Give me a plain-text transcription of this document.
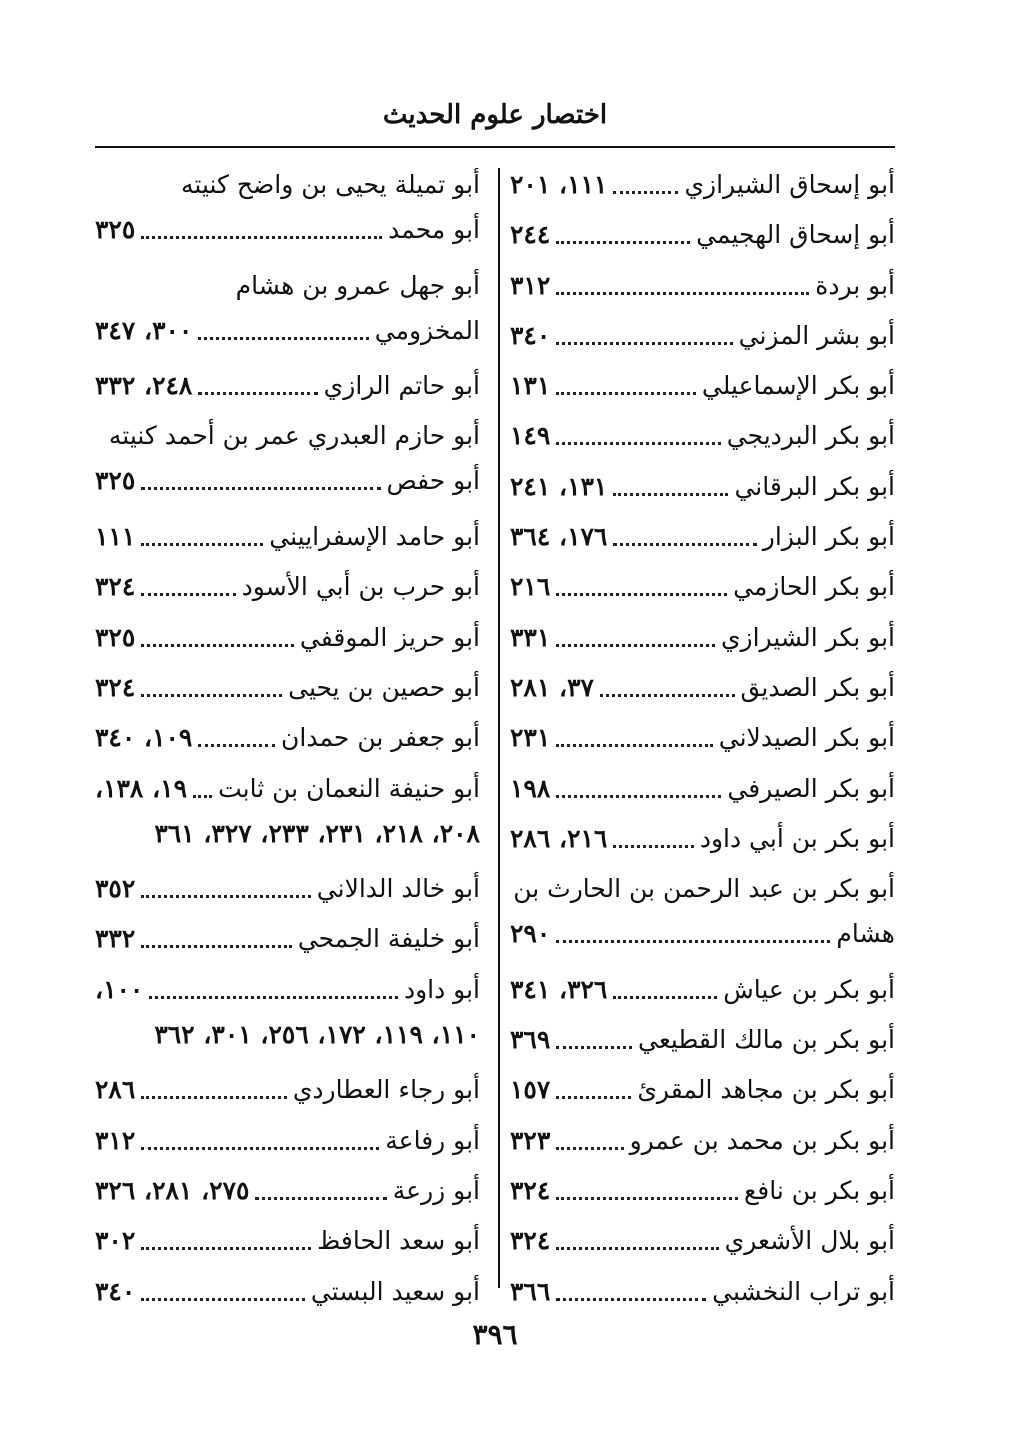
اختصار علوم الحديث
أبو إسحاق الشيرازي
١١١، ٢٠١
أبو إسحاق الهجيمي
٢٤٤
أبو بردة
٣١٢
أبو بشر المزني
٣٤٠
أبو بكر الإسماعيلي
١٣١
أبو بكر البرديجي
١٤٩
أبو بكر البرقاني
١٣١، ٢٤١
أبو بكر البزار
١٧٦، ٣٦٤
أبو بكر الحازمي
٢١٦
أبو بكر الشيرازي
٣٣١
أبو بكر الصديق
٣٧، ٢٨١
أبو بكر الصيدلاني
٢٣١
أبو بكر الصيرفي
١٩٨
أبو بكر بن أبي داود
٢١٦، ٢٨٦
أبو بكر بن عبد الرحمن بن الحارث بن
هشام
٢٩٠
أبو بكر بن عياش
٣٢٦، ٣٤١
أبو بكر بن مالك القطيعي
٣٦٩
أبو بكر بن مجاهد المقرئ
١٥٧
أبو بكر بن محمد بن عمرو
٣٢٣
أبو بكر بن نافع
٣٢٤
أبو بلال الأشعري
٣٢٤
أبو تراب النخشبي
٣٦٦
أبو تميلة يحيى بن واضح كنيته
أبو محمد
٣٢٥
أبو جهل عمرو بن هشام
المخزومي
٣٠٠، ٣٤٧
أبو حاتم الرازي
٢٤٨، ٣٣٢
أبو حازم العبدري عمر بن أحمد كنيته
أبو حفص
٣٢٥
أبو حامد الإسفراييني
١١١
أبو حرب بن أبي الأسود
٣٢٤
أبو حريز الموقفي
٣٢٥
أبو حصين بن يحيى
٣٢٤
أبو جعفر بن حمدان
١٠٩، ٣٤٠
أبو حنيفة النعمان بن ثابت
١٩، ١٣٨،
٢٠٨، ٢١٨، ٢٣١، ٢٣٣، ٣٢٧، ٣٦١
أبو خالد الدالاني
٣٥٢
أبو خليفة الجمحي
٣٣٢
أبو داود
١٠٠،
١١٠، ١١٩، ١٧٢، ٢٥٦، ٣٠١، ٣٦٢
أبو رجاء العطاردي
٢٨٦
أبو رفاعة
٣١٢
أبو زرعة
٢٧٥، ٢٨١، ٣٢٦
أبو سعد الحافظ
٣٠٢
أبو سعيد البستي
٣٤٠
٣٩٦
